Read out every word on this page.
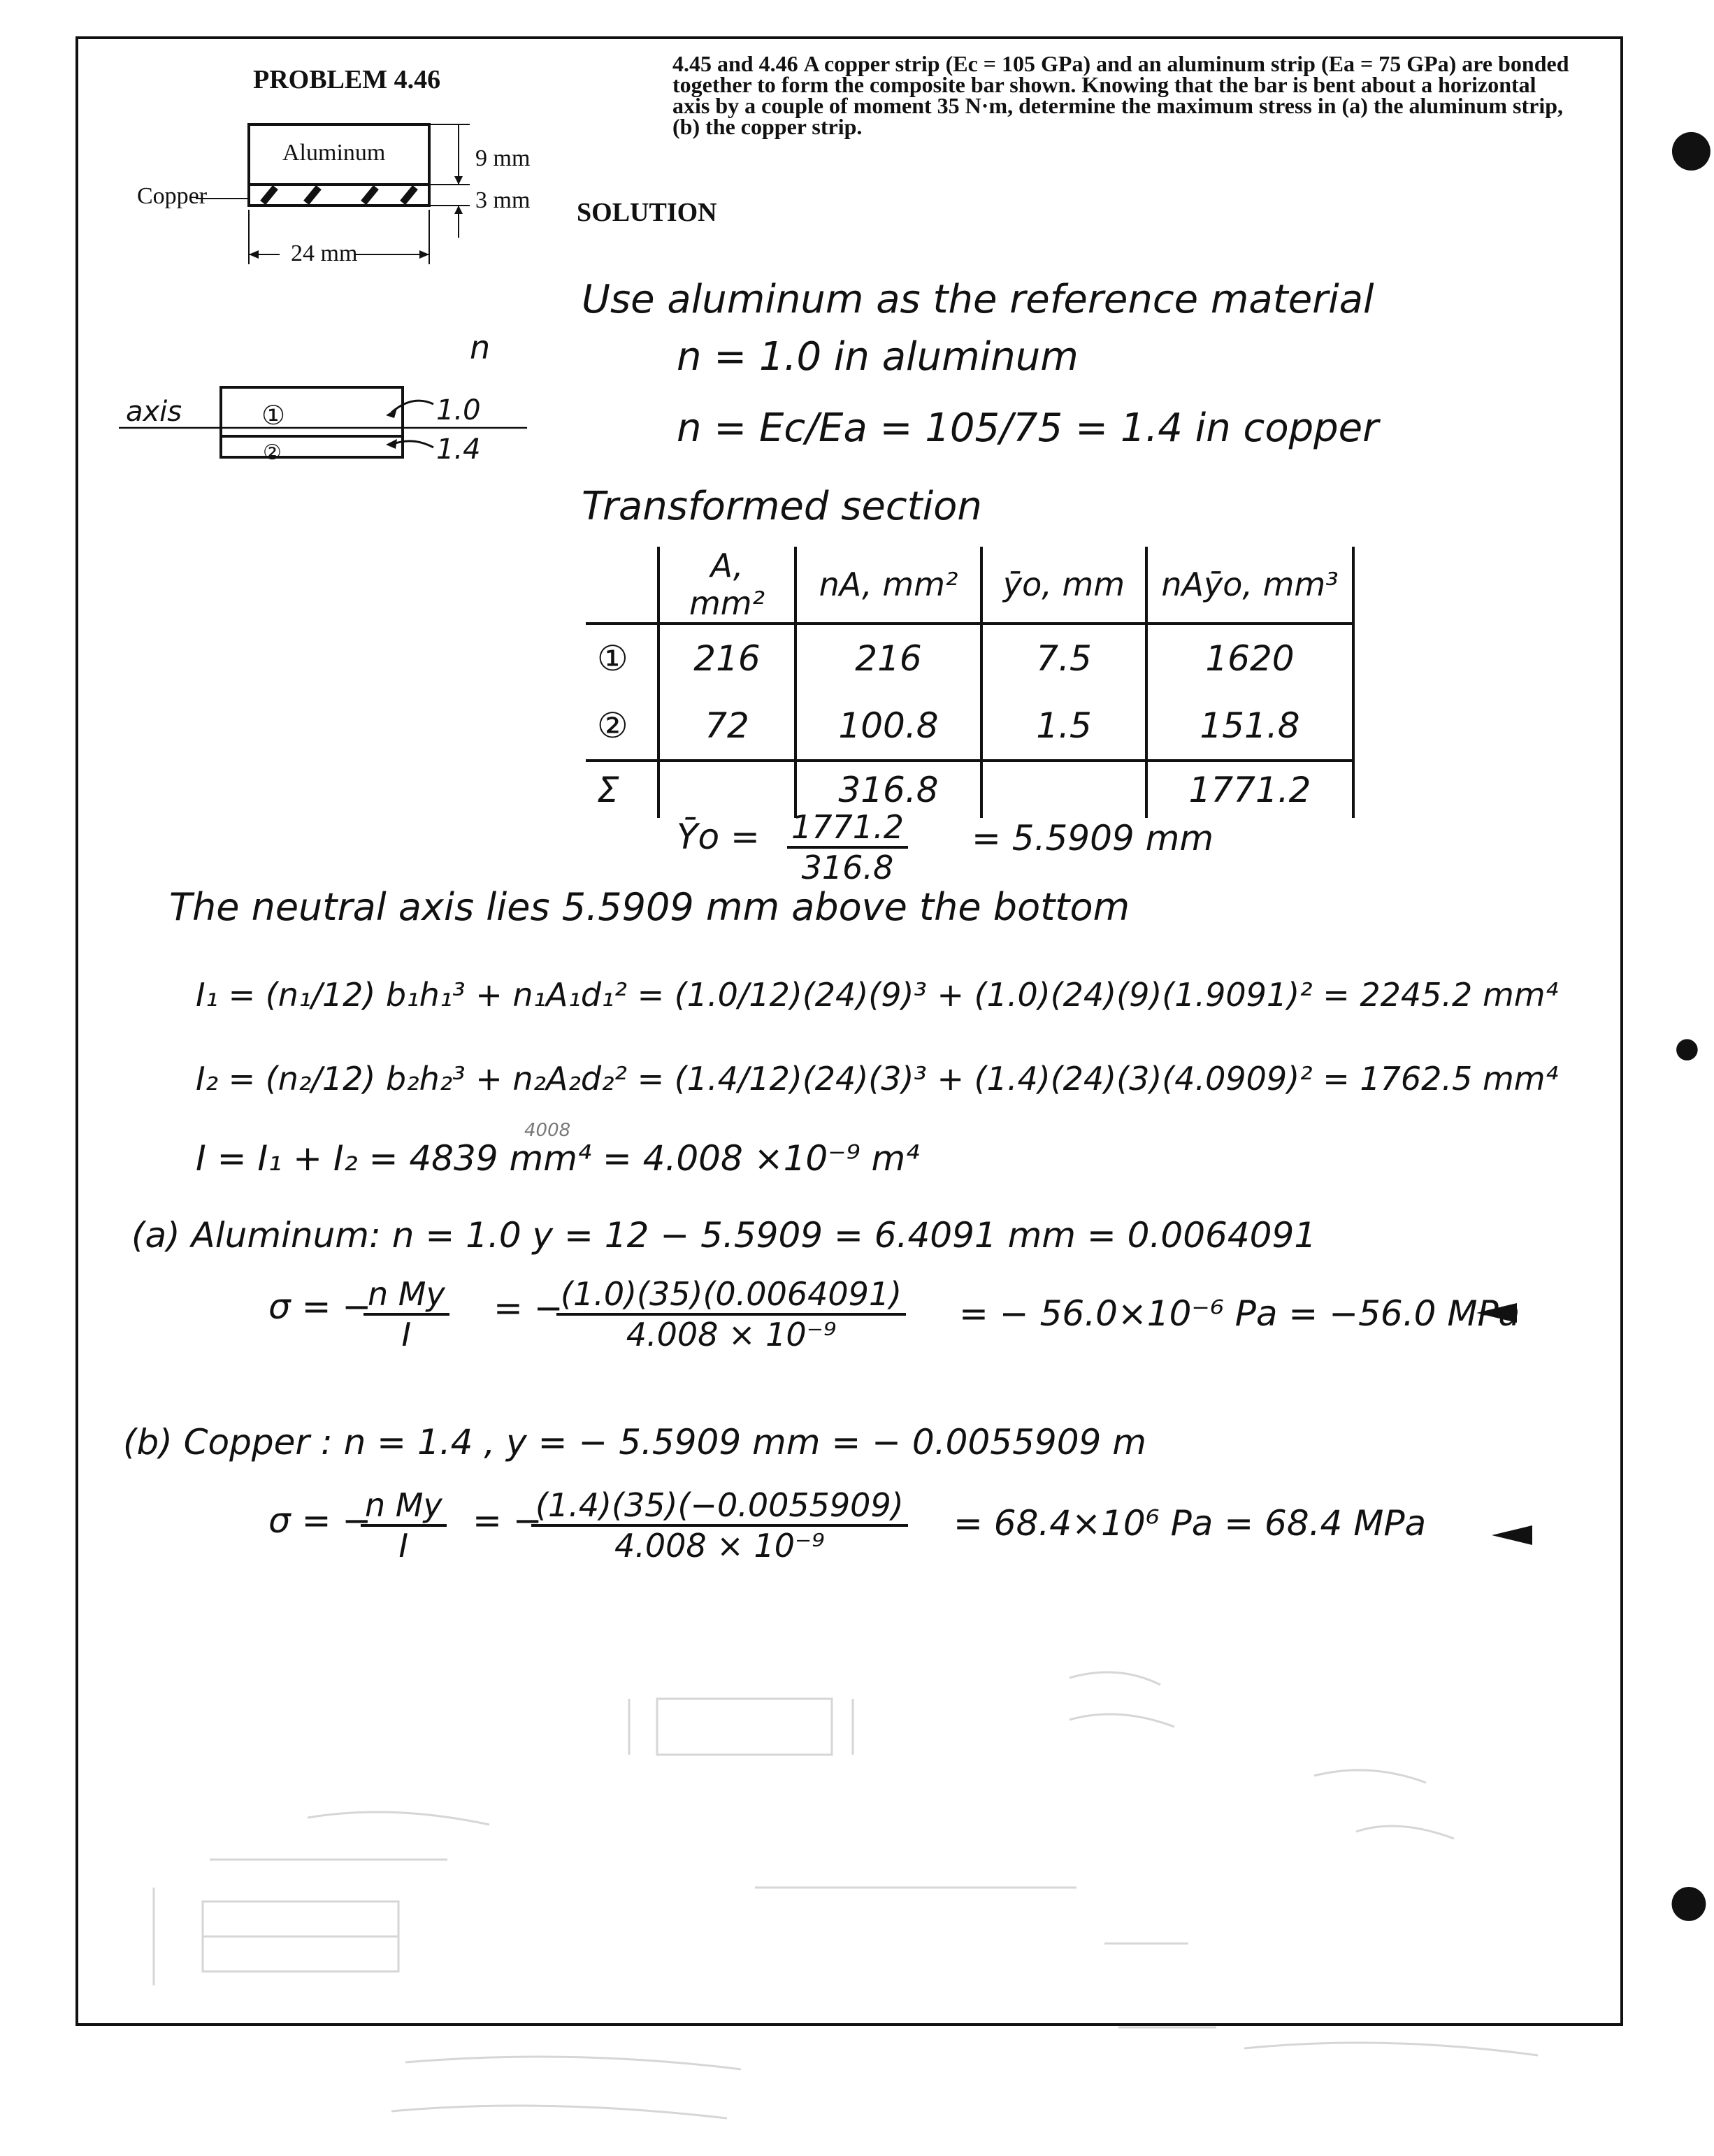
PROBLEM 4.46
4.45 and 4.46 A copper strip (Ec = 105 GPa) and an aluminum strip (Ea = 75 GPa) are bonded together to form the composite bar shown. Knowing that the bar is bent about a horizontal axis by a couple of moment 35 N·m, determine the maximum stress in (a) the aluminum strip, (b) the copper strip.
SOLUTION
Aluminum
Copper
9 mm
3 mm
24 mm
n
axis	①
②
1.0
1.4
Use aluminum as the reference material
n = 1.0 in aluminum
n = Ec/Ea = 105/75 = 1.4 in copper
Transformed section
	A, mm²	nA, mm²	ȳo, mm	nAȳo, mm³
①	216	216	7.5	1620
②	72	100.8	1.5	151.8
Σ		316.8		1771.2
Ȳo = $\frac{1771.2}{316.8} = 5.5909$ mm
The neutral axis lies 5.5909 mm above the bottom
I₁ = (n₁/12) b₁h₁³ + n₁A₁d₁² = (1.0/12)(24)(9)³ + (1.0)(24)(9)(1.9091)² = 2245.2 mm⁴
I₂ = (n₂/12) b₂h₂³ + n₂A₂d₂² = (1.4/12)(24)(3)³ + (1.4)(24)(3)(4.0909)² = 1762.5 mm⁴
4008
I = I₁ + I₂ = 4839 mm⁴ = 4.008 ×10⁻⁹ m⁴
(a) Aluminum: n = 1.0 y = 12 − 5.5909 = 6.4091 mm = 0.0064091
σ = −
$\frac{\text{n My}}{I}$ = −
$\frac{(1.0)(35)(0.0064091)}{\text{4.008 × 10⁻⁹}}$ = − 56.0×10⁻⁶ Pa = −56.0 MPa
(b) Copper : n = 1.4 , y = − 5.5909 mm = − 0.0055909 m
σ = −
$\frac{\text{n My}}{I}$ = −
$\frac{(1.4)(35)(-0.0055909)}{\text{4.008 × 10⁻⁹}} = 68.4\times 10^6$ Pa = 68.4 MPa
●
●
●
